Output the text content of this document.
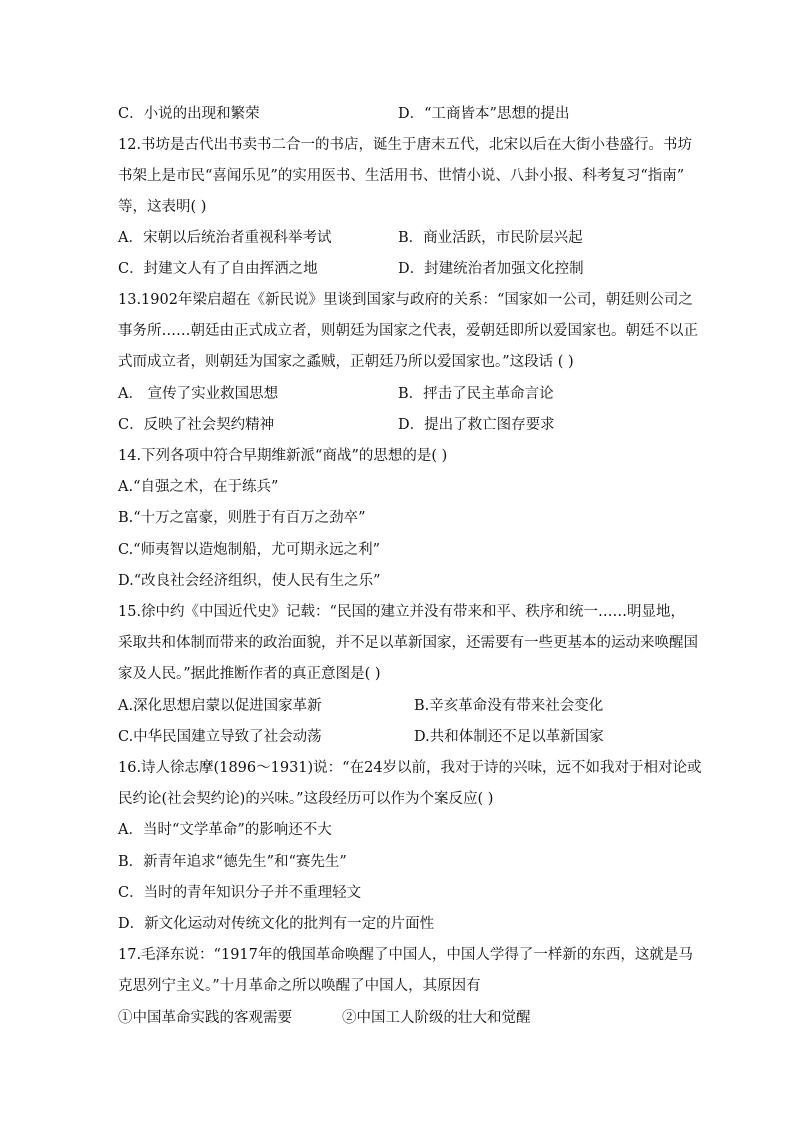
C．小说的出现和繁荣	D．“工商皆本”思想的提出
12.书坊是古代出书卖书二合一的书店，诞生于唐末五代，北宋以后在大街小巷盛行。书坊
书架上是市民“喜闻乐见”的实用医书、生活用书、世情小说、八卦小报、科考复习“指南”
等，这表明( )
A．宋朝以后统治者重视科举考试	B．商业活跃，市民阶层兴起
C．封建文人有了自由挥洒之地	D．封建统治者加强文化控制
13.1902年梁启超在《新民说》里谈到国家与政府的关系：“国家如一公司，朝廷则公司之
事务所……朝廷由正式成立者，则朝廷为国家之代表，爱朝廷即所以爱国家也。朝廷不以正
式而成立者，则朝廷为国家之蟊贼，正朝廷乃所以爱国家也。”这段话 ( )
A． 宣传了实业救国思想	B．抨击了民主革命言论
C．反映了社会契约精神	D．提出了救亡图存要求
14.下列各项中符合早期维新派“商战”的思想的是( )
A.“自强之术，在于练兵”
B.“十万之富豪，则胜于有百万之劲卒”
C.“师夷智以造炮制船，尤可期永远之利”
D.“改良社会经济组织，使人民有生之乐”
15.徐中约《中国近代史》记载：“民国的建立并没有带来和平、秩序和统一……明显地，
采取共和体制而带来的政治面貌，并不足以革新国家，还需要有一些更基本的运动来唤醒国
家及人民。”据此推断作者的真正意图是( )
A.深化思想启蒙以促进国家革新	B.辛亥革命没有带来社会变化
C.中华民国建立导致了社会动荡	D.共和体制还不足以革新国家
16.诗人徐志摩(1896～1931)说：“在24岁以前，我对于诗的兴味，远不如我对于相对论或
民约论(社会契约论)的兴味。”这段经历可以作为个案反应( )
A．当时“文学革命”的影响还不大
B．新青年追求“德先生”和“赛先生”
C．当时的青年知识分子并不重理轻文
D．新文化运动对传统文化的批判有一定的片面性
17.毛泽东说：“1917年的俄国革命唤醒了中国人，中国人学得了一样新的东西，这就是马
克思列宁主义。”十月革命之所以唤醒了中国人，其原因有
①中国革命实践的客观需要	②中国工人阶级的壮大和觉醒
